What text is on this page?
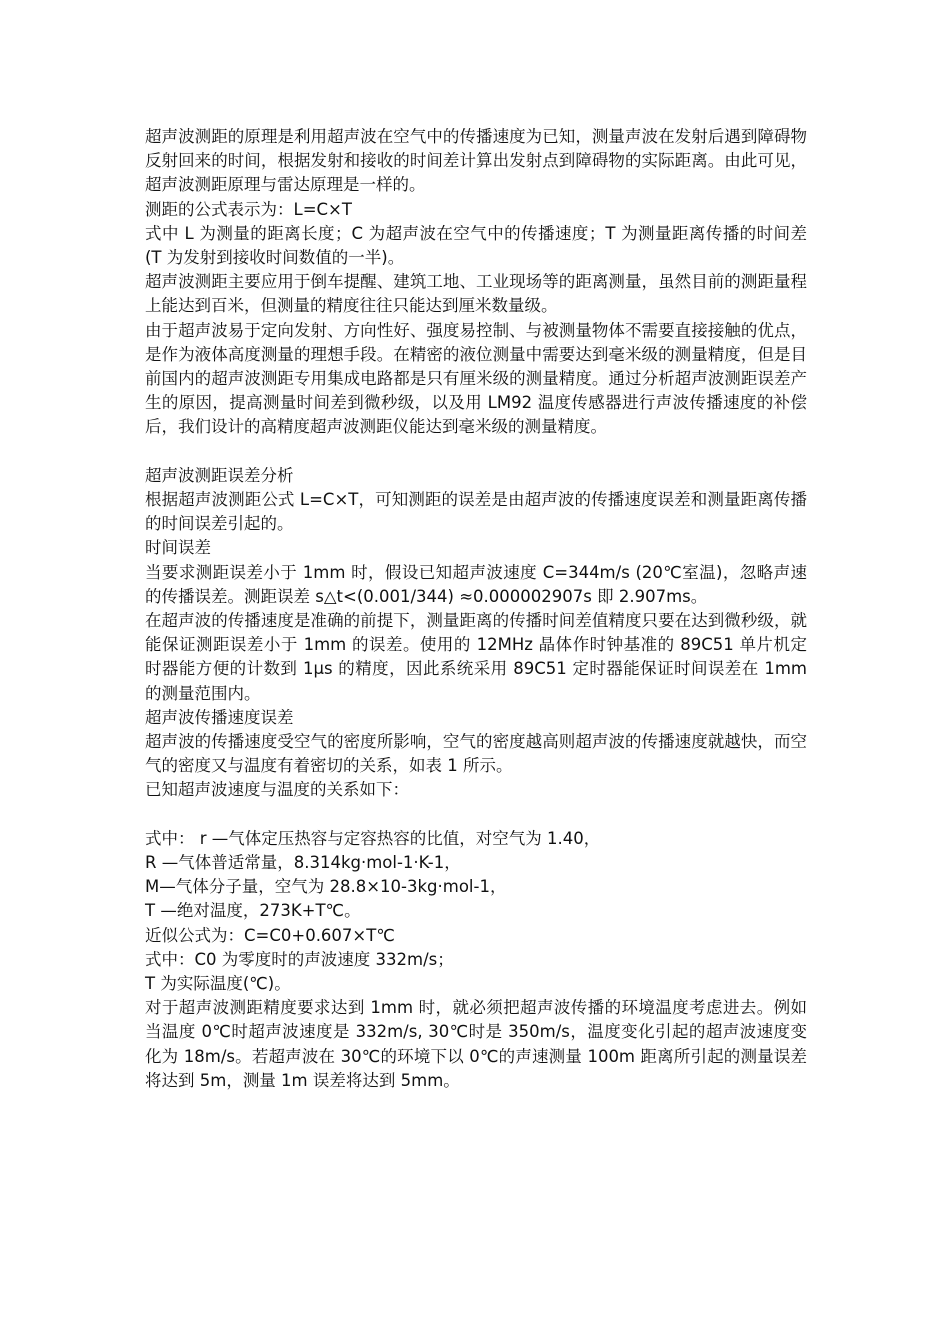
超声波测距的原理是利用超声波在空气中的传播速度为已知，测量声波在发射后遇到障碍物反射回来的时间，根据发射和接收的时间差计算出发射点到障碍物的实际距离。由此可见，超声波测距原理与雷达原理是一样的。

测距的公式表示为：L=C×T

式中 L 为测量的距离长度；C 为超声波在空气中的传播速度；T 为测量距离传播的时间差(T 为发射到接收时间数值的一半)。

超声波测距主要应用于倒车提醒、建筑工地、工业现场等的距离测量，虽然目前的测距量程上能达到百米，但测量的精度往往只能达到厘米数量级。

由于超声波易于定向发射、方向性好、强度易控制、与被测量物体不需要直接接触的优点，是作为液体高度测量的理想手段。在精密的液位测量中需要达到毫米级的测量精度，但是目前国内的超声波测距专用集成电路都是只有厘米级的测量精度。通过分析超声波测距误差产生的原因，提高测量时间差到微秒级，以及用 LM92 温度传感器进行声波传播速度的补偿后，我们设计的高精度超声波测距仪能达到毫米级的测量精度。

超声波测距误差分析

根据超声波测距公式 L=C×T，可知测距的误差是由超声波的传播速度误差和测量距离传播的时间误差引起的。

时间误差

当要求测距误差小于 1mm 时，假设已知超声波速度 C=344m/s (20℃室温)，忽略声速的传播误差。测距误差 s△t<(0.001/344) ≈0.000002907s 即 2.907ms。

在超声波的传播速度是准确的前提下，测量距离的传播时间差值精度只要在达到微秒级，就能保证测距误差小于 1mm 的误差。使用的 12MHz 晶体作时钟基准的 89C51 单片机定时器能方便的计数到 1μs 的精度，因此系统采用 89C51 定时器能保证时间误差在 1mm 的测量范围内。

超声波传播速度误差

超声波的传播速度受空气的密度所影响，空气的密度越高则超声波的传播速度就越快，而空气的密度又与温度有着密切的关系，如表 1 所示。

已知超声波速度与温度的关系如下：

式中： r —气体定压热容与定容热容的比值，对空气为 1.40，

R —气体普适常量，8.314kg·mol-1·K-1，

M—气体分子量，空气为 28.8×10-3kg·mol-1，

T —绝对温度，273K+T℃。

近似公式为：C=C0+0.607×T℃

式中：C0 为零度时的声波速度 332m/s；

T 为实际温度(℃)。

对于超声波测距精度要求达到 1mm 时，就必须把超声波传播的环境温度考虑进去。例如当温度 0℃时超声波速度是 332m/s, 30℃时是 350m/s，温度变化引起的超声波速度变化为 18m/s。若超声波在 30℃的环境下以 0℃的声速测量 100m 距离所引起的测量误差将达到 5m，测量 1m 误差将达到 5mm。
